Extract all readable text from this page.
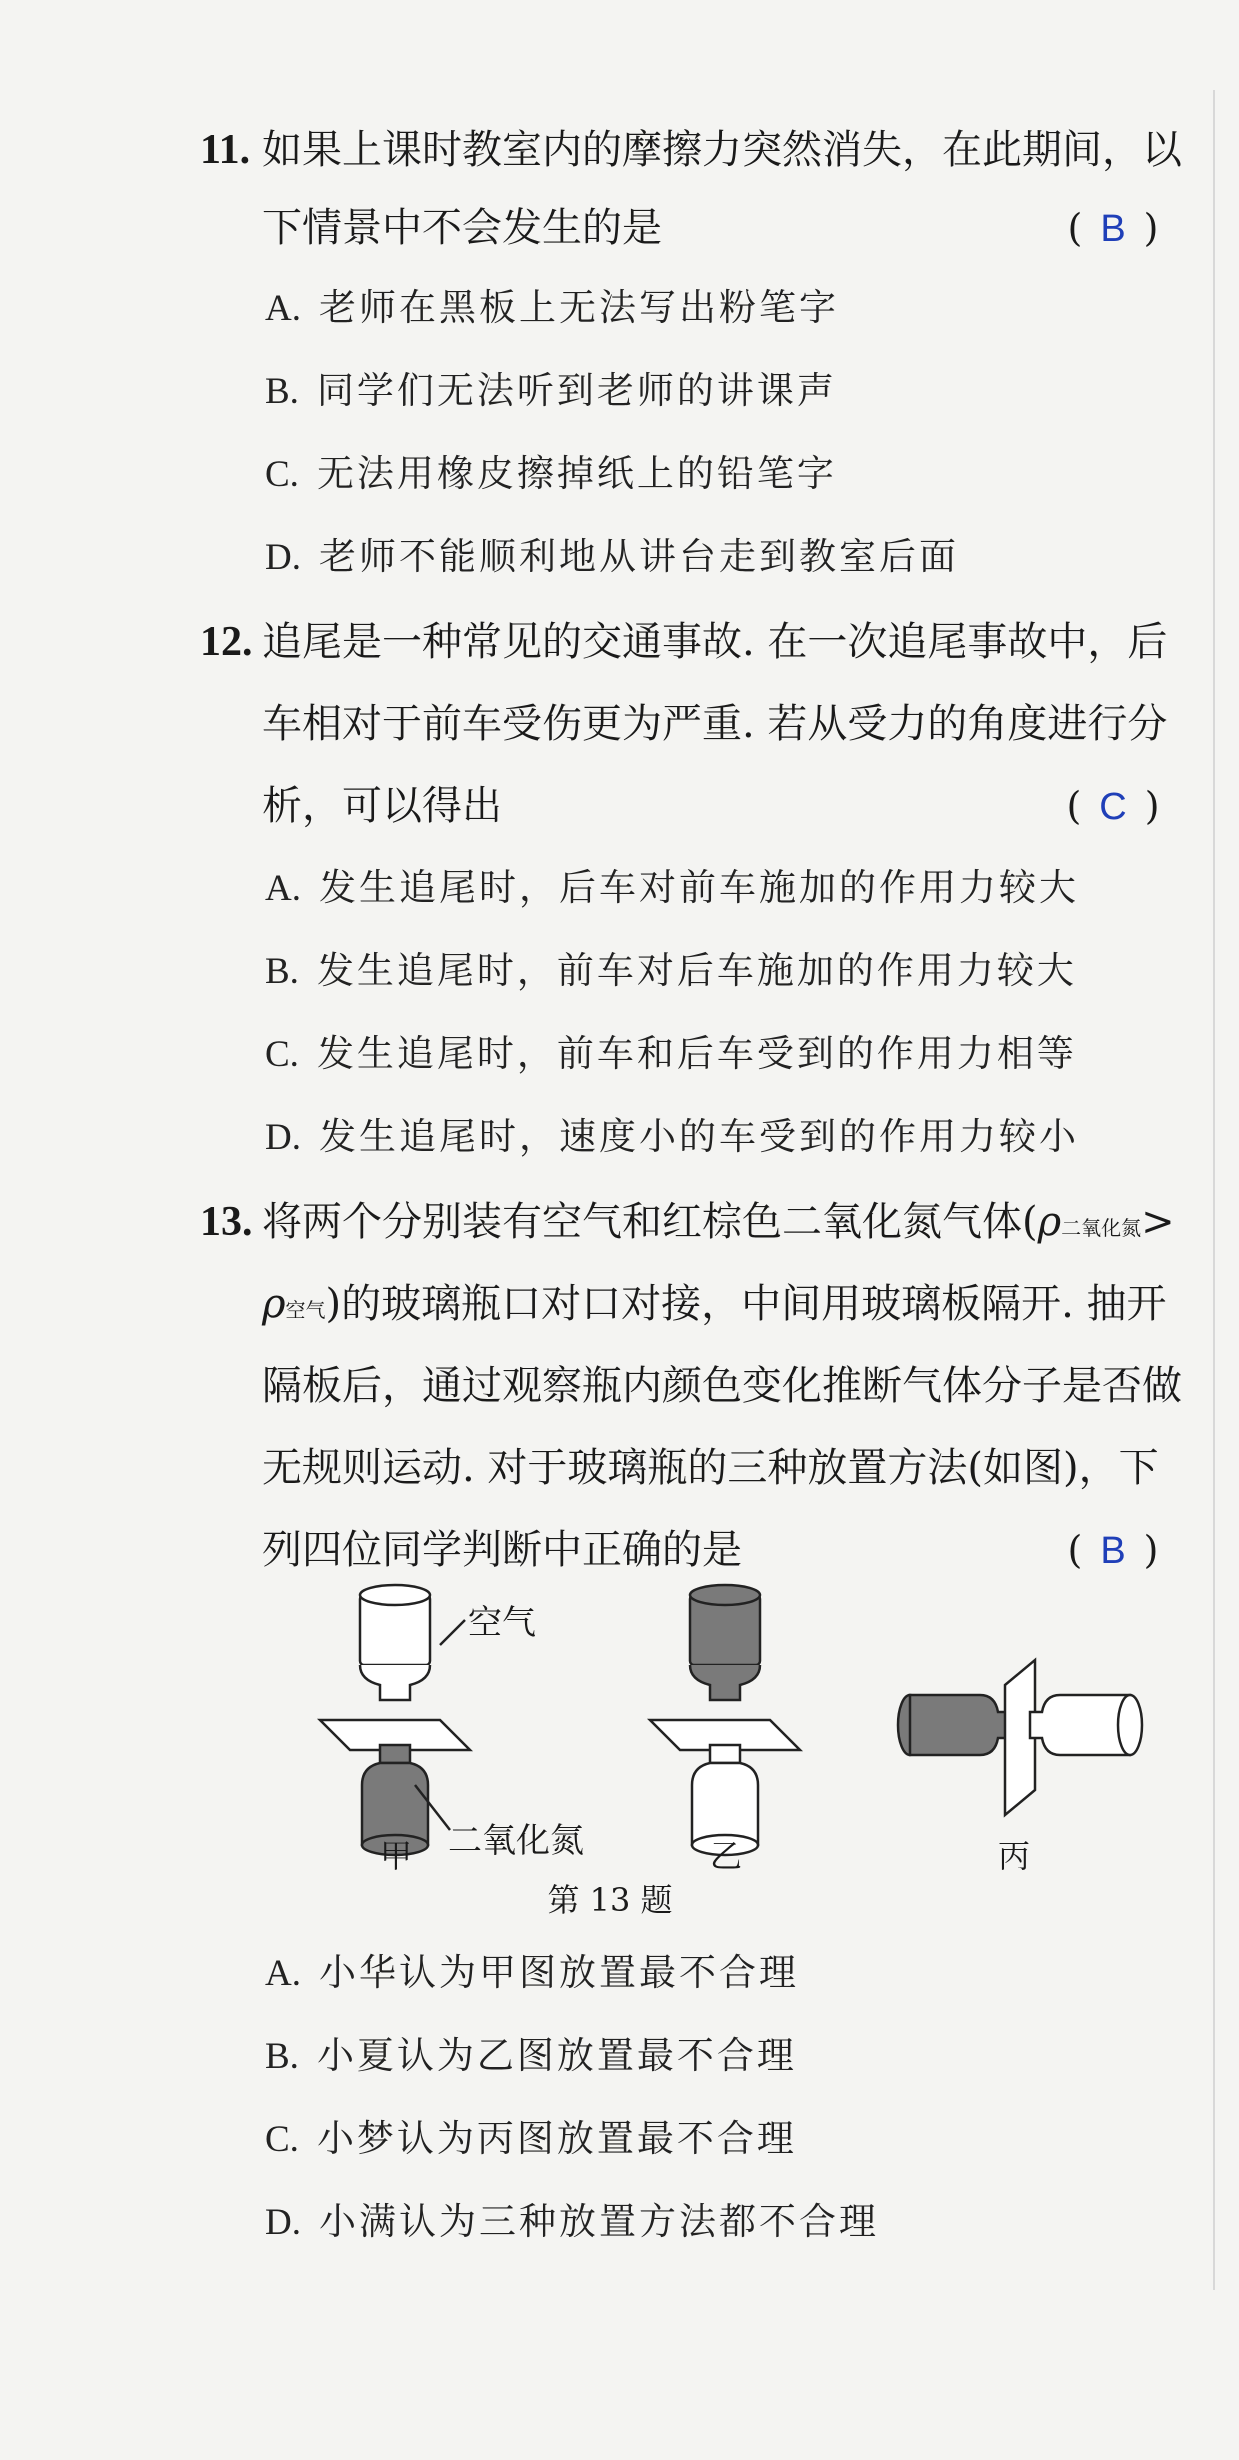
11. 如果上课时教室内的摩擦力突然消失，在此期间，以
下情景中不会发生的是	( B )
A. 老师在黑板上无法写出粉笔字
B. 同学们无法听到老师的讲课声
C. 无法用橡皮擦掉纸上的铅笔字
D. 老师不能顺利地从讲台走到教室后面
12. 追尾是一种常见的交通事故. 在一次追尾事故中，后
车相对于前车受伤更为严重. 若从受力的角度进行分
析，可以得出	( C )
A. 发生追尾时，后车对前车施加的作用力较大
B. 发生追尾时，前车对后车施加的作用力较大
C. 发生追尾时，前车和后车受到的作用力相等
D. 发生追尾时，速度小的车受到的作用力较小
13. 将两个分别装有空气和红棕色二氧化氮气体(ρ二氧化氮>
ρ空气)的玻璃瓶口对口对接，中间用玻璃板隔开. 抽开
隔板后，通过观察瓶内颜色变化推断气体分子是否做
无规则运动. 对于玻璃瓶的三种放置方法(如图)，下
列四位同学判断中正确的是	( B )
空气
二氧化氮
甲	乙	丙
第 13 题
A. 小华认为甲图放置最不合理
B. 小夏认为乙图放置最不合理
C. 小梦认为丙图放置最不合理
D. 小满认为三种放置方法都不合理
